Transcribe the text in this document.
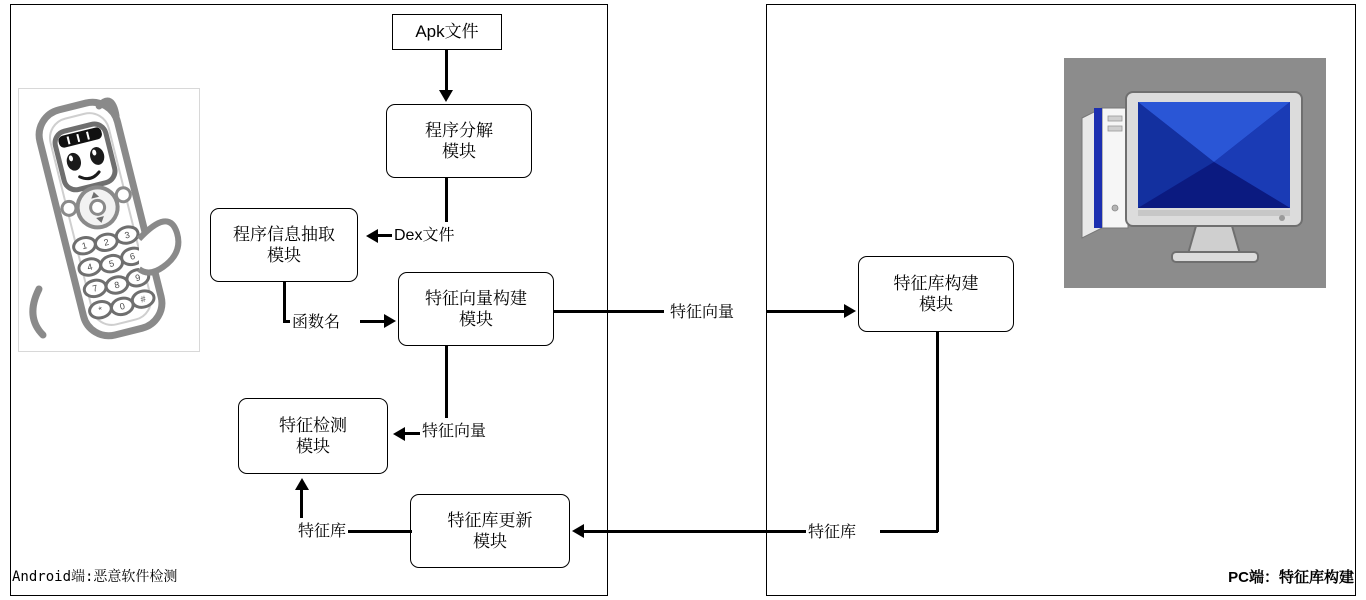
1 2
3
4 5
6
7 8
9
* 0
#
Apk文件
程序分解
模块
程序信息抽取
模块
特征向量构建
模块
特征检测
模块
特征库更新
模块
Dex文件
函数名
特征向量
特征库
Android端:恶意软件检测
特征库构建
模块
特征向量
特征库
PC端：特征库构建
